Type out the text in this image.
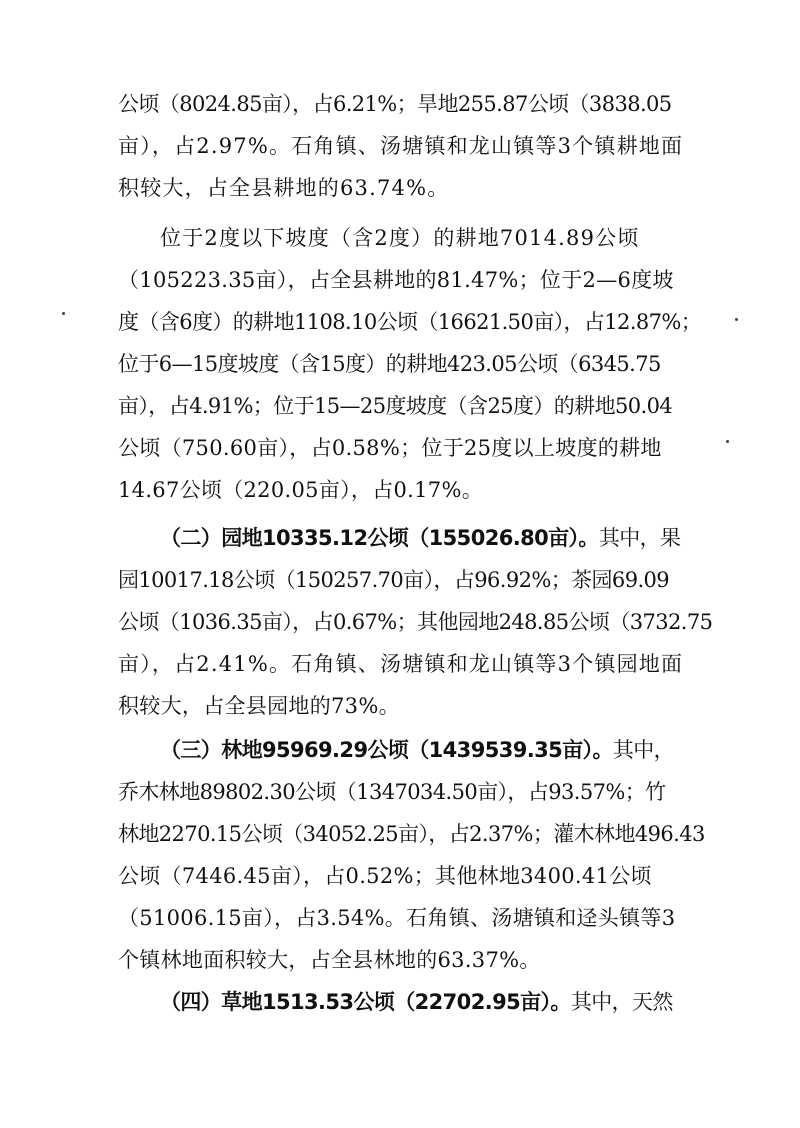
公顷（8024.85亩），占6.21%；旱地255.87公顷（3838.05
亩），占2.97%。石角镇、汤塘镇和龙山镇等3个镇耕地面
积较大，占全县耕地的63.74%。
位于2度以下坡度（含2度）的耕地7014.89公顷
（105223.35亩），占全县耕地的81.47%；位于2—6度坡
度（含6度）的耕地1108.10公顷（16621.50亩），占12.87%；
位于6—15度坡度（含15度）的耕地423.05公顷（6345.75
亩），占4.91%；位于15—25度坡度（含25度）的耕地50.04
公顷（750.60亩），占0.58%；位于25度以上坡度的耕地
14.67公顷（220.05亩），占0.17%。
（二）园地10335.12公顷（155026.80亩）。其中，果
园10017.18公顷（150257.70亩），占96.92%；茶园69.09
公顷（1036.35亩），占0.67%；其他园地248.85公顷（3732.75
亩），占2.41%。石角镇、汤塘镇和龙山镇等3个镇园地面
积较大，占全县园地的73%。
（三）林地95969.29公顷（1439539.35亩）。其中，
乔木林地89802.30公顷（1347034.50亩），占93.57%；竹
林地2270.15公顷（34052.25亩），占2.37%；灌木林地496.43
公顷（7446.45亩），占0.52%；其他林地3400.41公顷
（51006.15亩），占3.54%。石角镇、汤塘镇和迳头镇等3
个镇林地面积较大，占全县林地的63.37%。
（四）草地1513.53公顷（22702.95亩）。其中，天然
